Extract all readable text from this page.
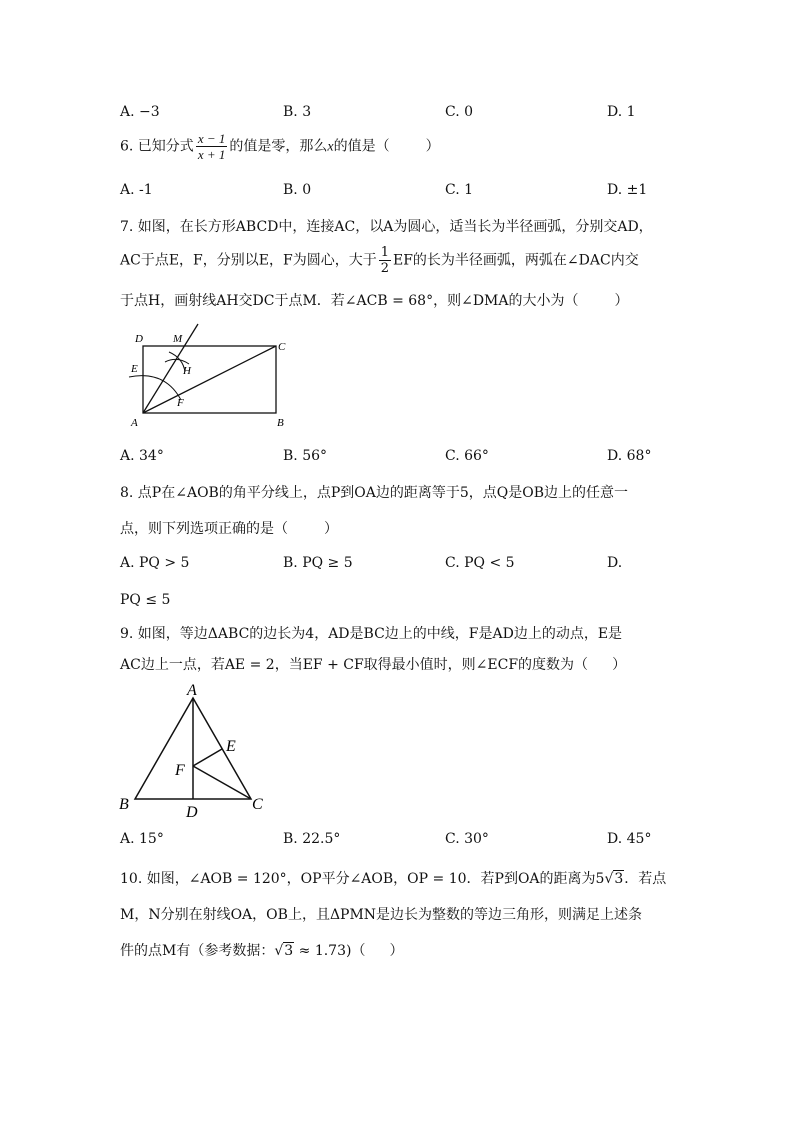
A. −3	B. 3	C. 0	D. 1
6. 已知分式 $\frac{x - 1}{x + 1}$ 的值是零，那么x的值是（	）
A. -1	B. 0	C. 1	D. ±1
7. 如图，在长方形ABCD中，连接AC，以A为圆心，适当长为半径画弧，分别交AD，
AC于点E，F，分别以E，F为圆心，大于 $\frac{1}{2}$ EF的长为半径画弧，两弧在∠DAC内交
于点H，画射线AH交DC于点M．若∠ACB = 68°，则∠DMA的大小为（	）
D	M
C
E	H
F
A	B
A. 34°	B. 56°	C. 66°	D. 68°
8. 点P在∠AOB的角平分线上，点P到OA边的距离等于5，点Q是OB边上的任意一
点，则下列选项正确的是（	）
A. PQ > 5	B. PQ ≥ 5	C. PQ < 5	D.
PQ ≤ 5
9. 如图，等边ΔABC的边长为4，AD是BC边上的中线，F是AD边上的动点，E是
AC边上一点，若AE = 2，当EF + CF取得最小值时，则∠ECF的度数为（ ）
A
E
F
B	D	C
A. 15°	B. 22.5°	C. 30°	D. 45°
10. 如图，∠AOB = 120°，OP平分∠AOB，OP = 10．若P到OA的距离为5√3．若点
M，N分别在射线OA，OB上，且ΔPMN是边长为整数的等边三角形，则满足上述条
件的点M有（参考数据：√3 ≈ 1.73)（ ）
